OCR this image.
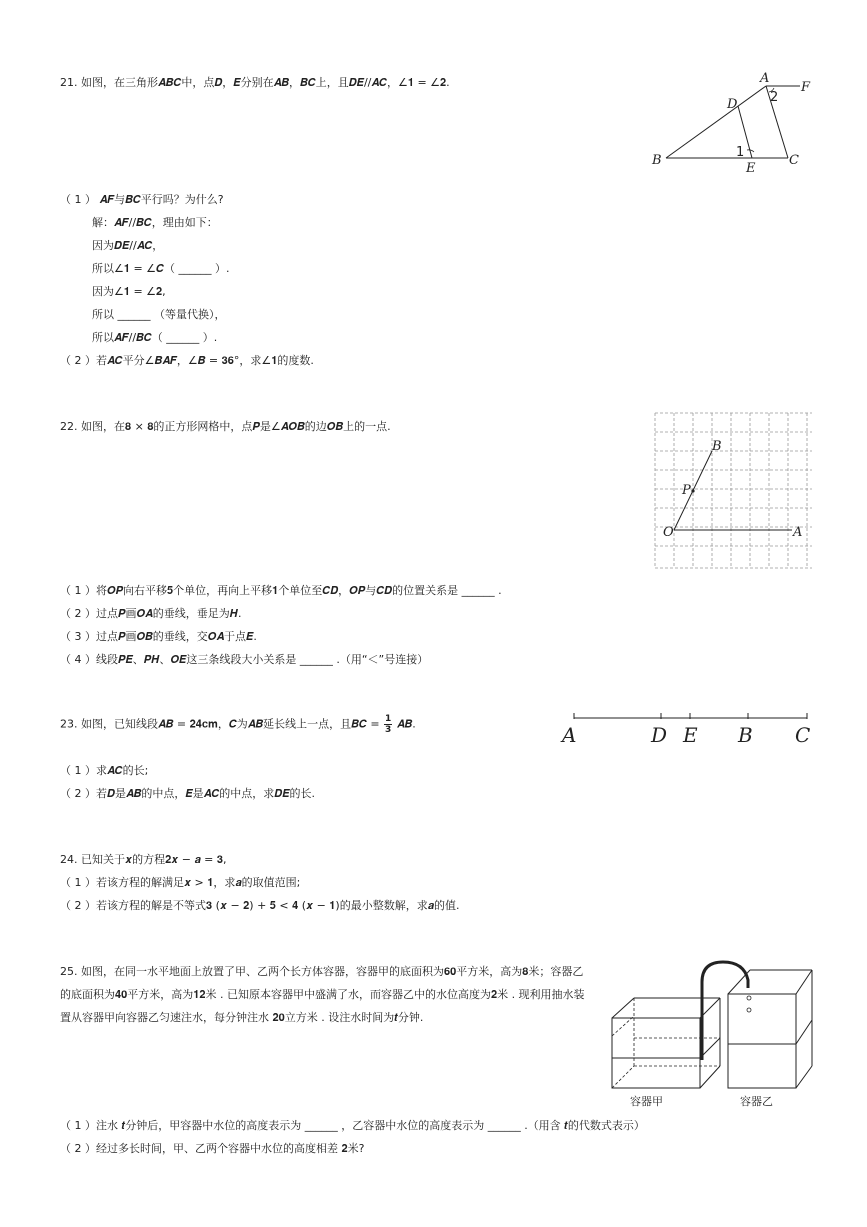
21. 如图，在三角形𝑨𝑩𝑪中，点𝑫，𝑬分别在𝑨𝑩，𝑩𝑪上，且𝑫𝑬//𝑨𝑪，∠𝟏 = ∠𝟐.	A
F
D
B
E
C
1
2
（ 1 ） 𝑨𝑭与𝑩𝑪平行吗？为什么?
解：𝑨𝑭//𝑩𝑪，理由如下：
因为𝑫𝑬//𝑨𝑪，
所以∠𝟏 = ∠𝑪（ ______ ）.
因为∠𝟏 = ∠𝟐,
所以 ______ （等量代换），
所以𝑨𝑭//𝑩𝑪（ ______ ）.
（ 2 ）若𝑨𝑪平分∠𝑩𝑨𝑭，∠𝑩 = 𝟑𝟔°，求∠𝟏的度数.
22. 如图，在𝟖 × 𝟖的正方形网格中，点𝑷是∠𝑨𝑶𝑩的边𝑶𝑩上的一点.
O
P
B
A
（ 1 ）将𝑶𝑷向右平移𝟓个单位，再向上平移𝟏个单位至𝑪𝑫，𝑶𝑷与𝑪𝑫的位置关系是 ______ .
（ 2 ）过点𝑷画𝑶𝑨的垂线，垂足为𝑯.
（ 3 ）过点𝑷画𝑶𝑩的垂线，交𝑶𝑨于点𝑬.
（ 4 ）线段𝑷𝑬、𝑷𝑯、𝑶𝑬这三条线段大小关系是 ______ .（用“＜”号连接）
23. 如图，已知线段𝑨𝑩 = 𝟐𝟒𝐜𝐦，𝑪为𝑨𝑩延长线上一点，且𝑩𝑪 = $\frac{1}{3}$ 𝑨𝑩.	A	D E B C
（ 1 ）求𝑨𝑪的长;
（ 2 ）若𝑫是𝑨𝑩的中点，𝑬是𝑨𝑪的中点，求𝑫𝑬的长.
24. 已知关于𝒙的方程𝟐𝒙 − 𝒂 = 𝟑,
（ 1 ）若该方程的解满足𝒙 > 𝟏，求𝒂的取值范围;
（ 2 ）若该方程的解是不等式𝟑 (𝒙 − 𝟐) + 𝟓 < 𝟒 (𝒙 − 𝟏)的最小整数解，求𝒂的值.
25. 如图，在同一水平地面上放置了甲、乙两个长方体容器，容器甲的底面积为𝟔𝟎平方米，高为𝟖米；容器乙
的底面积为𝟒𝟎平方米，高为𝟏𝟐米 . 已知原本容器甲中盛满了水，而容器乙中的水位高度为𝟐米 . 现利用抽水装
置从容器甲向容器乙匀速注水，每分钟注水 𝟐𝟎立方米 . 设注水时间为𝒕分钟.
容器甲	容器乙
（ 1 ）注水 𝒕分钟后，甲容器中水位的高度表示为 ______ ，乙容器中水位的高度表示为 ______ .（用含 𝒕的代数式表示）
（ 2 ）经过多长时间，甲、乙两个容器中水位的高度相差 𝟐米?
